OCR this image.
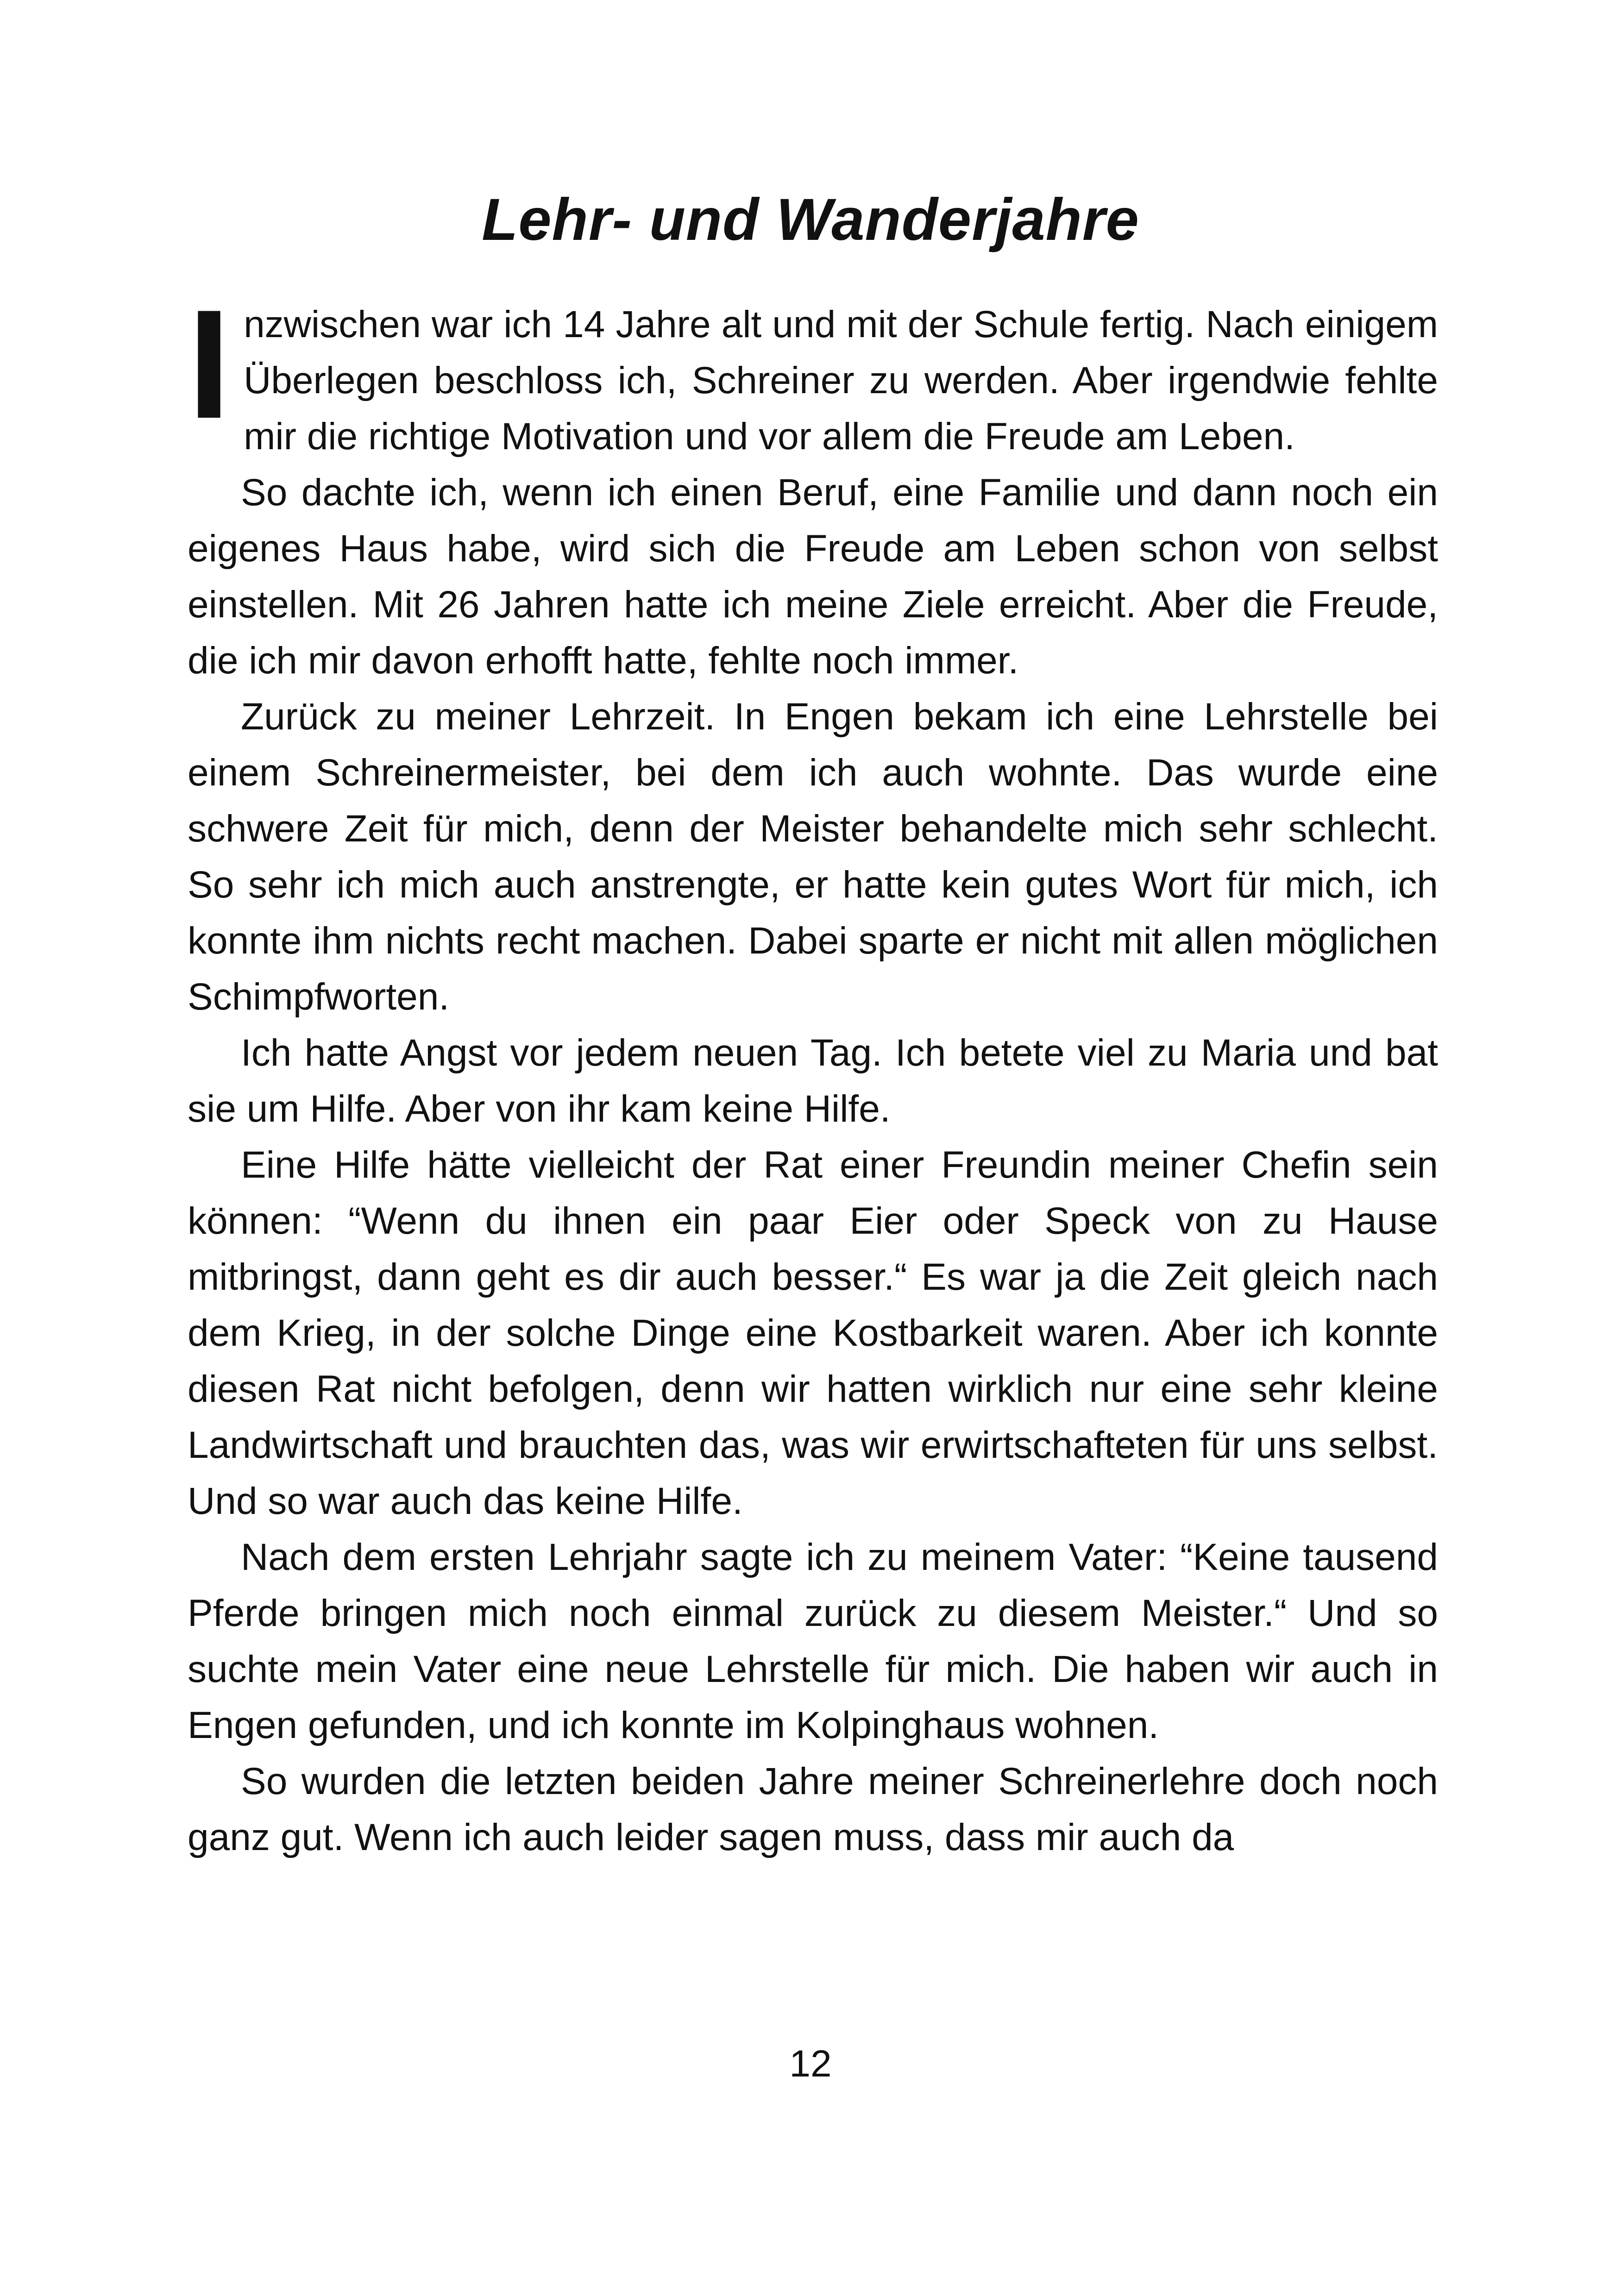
Lehr- und Wanderjahre

Inzwischen war ich 14 Jahre alt und mit der Schule fertig. Nach einigem Überlegen beschloss ich, Schreiner zu werden. Aber irgendwie fehlte mir die richtige Motivation und vor allem die Freude am Leben.

So dachte ich, wenn ich einen Beruf, eine Familie und dann noch ein eigenes Haus habe, wird sich die Freude am Leben schon von selbst einstellen. Mit 26 Jahren hatte ich meine Ziele erreicht. Aber die Freude, die ich mir davon erhofft hatte, fehlte noch immer.

Zurück zu meiner Lehrzeit. In Engen bekam ich eine Lehrstelle bei einem Schreinermeister, bei dem ich auch wohnte. Das wurde eine schwere Zeit für mich, denn der Meister behandelte mich sehr schlecht. So sehr ich mich auch anstrengte, er hatte kein gutes Wort für mich, ich konnte ihm nichts recht machen. Dabei sparte er nicht mit allen möglichen Schimpfworten.

Ich hatte Angst vor jedem neuen Tag. Ich betete viel zu Maria und bat sie um Hilfe. Aber von ihr kam keine Hilfe.

Eine Hilfe hätte vielleicht der Rat einer Freundin meiner Chefin sein können: “Wenn du ihnen ein paar Eier oder Speck von zu Hause mitbringst, dann geht es dir auch besser.“ Es war ja die Zeit gleich nach dem Krieg, in der solche Dinge eine Kostbarkeit waren. Aber ich konnte diesen Rat nicht befolgen, denn wir hatten wirklich nur eine sehr kleine Landwirtschaft und brauchten das, was wir erwirtschafteten für uns selbst. Und so war auch das keine Hilfe.

Nach dem ersten Lehrjahr sagte ich zu meinem Vater: “Keine tausend Pferde bringen mich noch einmal zurück zu diesem Meister.“ Und so suchte mein Vater eine neue Lehrstelle für mich. Die haben wir auch in Engen gefunden, und ich konnte im Kolpinghaus wohnen.

So wurden die letzten beiden Jahre meiner Schreinerlehre doch noch ganz gut. Wenn ich auch leider sagen muss, dass mir auch da

12
